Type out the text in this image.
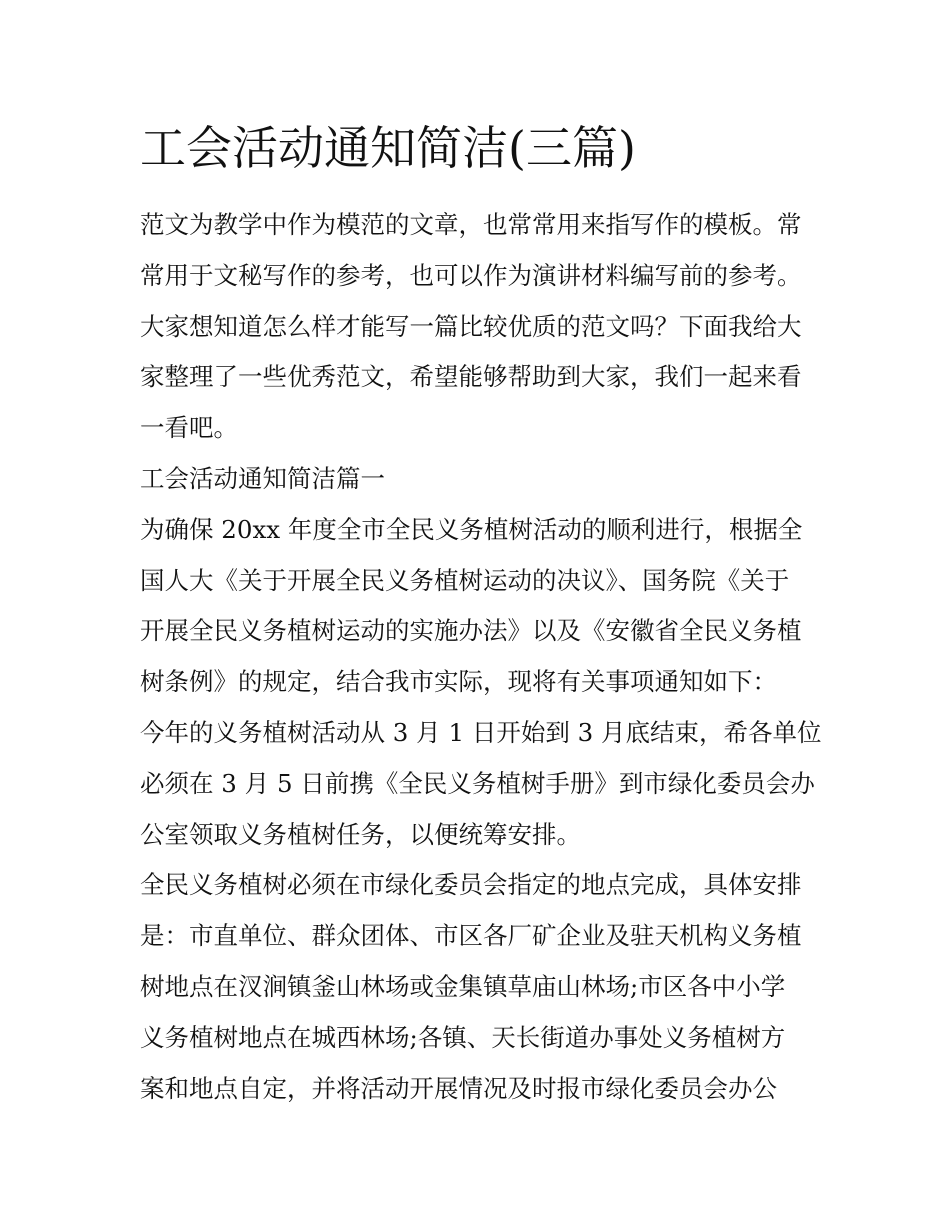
工会活动通知简洁(三篇)
范文为教学中作为模范的文章，也常常用来指写作的模板。常
常用于文秘写作的参考，也可以作为演讲材料编写前的参考。
大家想知道怎么样才能写一篇比较优质的范文吗？下面我给大
家整理了一些优秀范文，希望能够帮助到大家，我们一起来看
一看吧。
工会活动通知简洁篇一
为确保 20xx 年度全市全民义务植树活动的顺利进行，根据全
国人大《关于开展全民义务植树运动的决议》、国务院《关于
开展全民义务植树运动的实施办法》以及《安徽省全民义务植
树条例》的规定，结合我市实际，现将有关事项通知如下：
今年的义务植树活动从 3 月 1 日开始到 3 月底结束，希各单位
必须在 3 月 5 日前携《全民义务植树手册》到市绿化委员会办
公室领取义务植树任务，以便统筹安排。
全民义务植树必须在市绿化委员会指定的地点完成，具体安排
是：市直单位、群众团体、市区各厂矿企业及驻天机构义务植
树地点在汊涧镇釜山林场或金集镇草庙山林场;市区各中小学
义务植树地点在城西林场;各镇、天长街道办事处义务植树方
案和地点自定，并将活动开展情况及时报市绿化委员会办公
